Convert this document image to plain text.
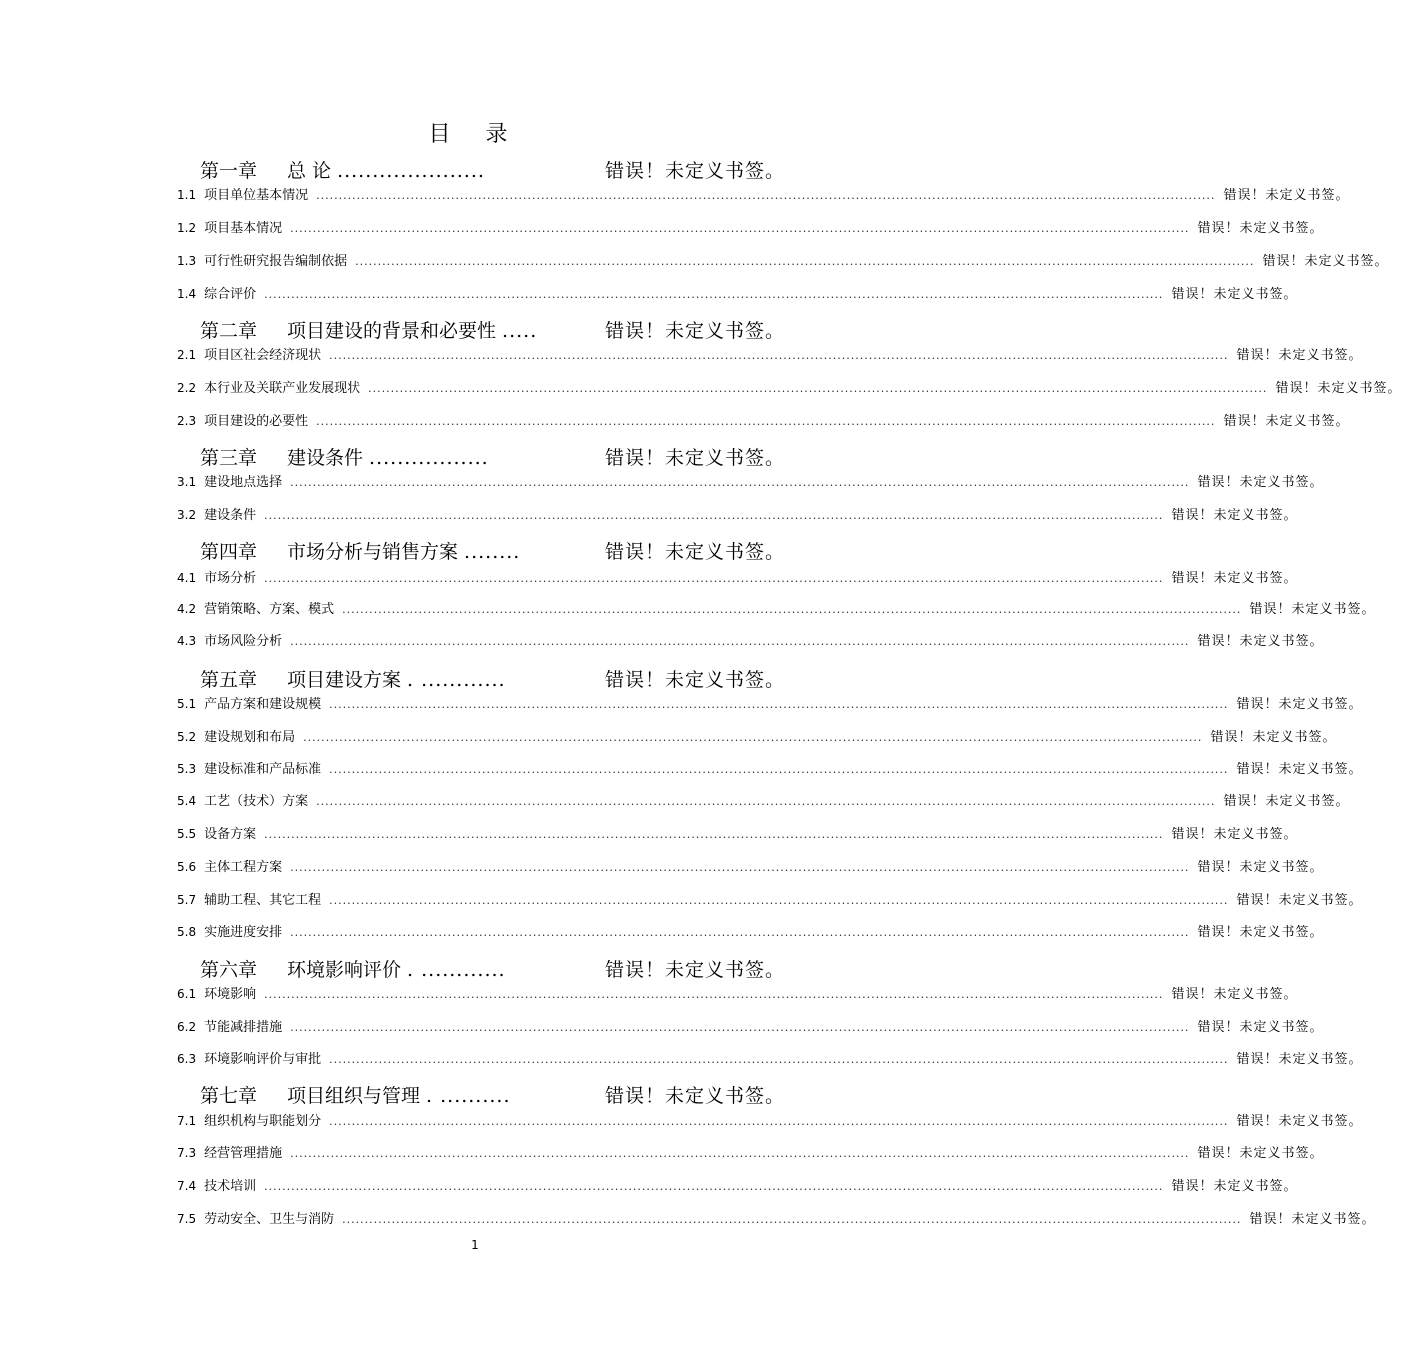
目 录
第一章 总 论 .....................	错误！未定义书签。
1.1 项目单位基本情况 ........................................................................................................................................................................................................ 错误！未定义书签。
1.2 项目基本情况 ........................................................................................................................................................................................................ 错误！未定义书签。
1.3 可行性研究报告编制依据 ........................................................................................................................................................................................................ 错误！未定义书签。
1.4 综合评价 ........................................................................................................................................................................................................ 错误！未定义书签。
第二章 项目建设的背景和必要性 .....	错误！未定义书签。
2.1 项目区社会经济现状 ........................................................................................................................................................................................................ 错误！未定义书签。
2.2 本行业及关联产业发展现状 ........................................................................................................................................................................................................ 错误！未定义书签。
2.3 项目建设的必要性 ........................................................................................................................................................................................................ 错误！未定义书签。
第三章 建设条件 .................	错误！未定义书签。
3.1 建设地点选择 ........................................................................................................................................................................................................ 错误！未定义书签。
3.2 建设条件 ........................................................................................................................................................................................................ 错误！未定义书签。
第四章 市场分析与销售方案 ........	错误！未定义书签。
4.1 市场分析 ........................................................................................................................................................................................................ 错误！未定义书签。
4.2 营销策略、方案、模式 ........................................................................................................................................................................................................ 错误！未定义书签。
4.3 市场风险分析 ........................................................................................................................................................................................................ 错误！未定义书签。
第五章 项目建设方案 . ............	错误！未定义书签。
5.1 产品方案和建设规模 ........................................................................................................................................................................................................ 错误！未定义书签。
5.2 建设规划和布局 ........................................................................................................................................................................................................ 错误！未定义书签。
5.3 建设标准和产品标准 ........................................................................................................................................................................................................ 错误！未定义书签。
5.4 工艺（技术）方案 ........................................................................................................................................................................................................ 错误！未定义书签。
5.5 设备方案 ........................................................................................................................................................................................................ 错误！未定义书签。
5.6 主体工程方案 ........................................................................................................................................................................................................ 错误！未定义书签。
5.7 辅助工程、其它工程 ........................................................................................................................................................................................................ 错误！未定义书签。
5.8 实施进度安排 ........................................................................................................................................................................................................ 错误！未定义书签。
第六章 环境影响评价 . ............	错误！未定义书签。
6.1 环境影响 ........................................................................................................................................................................................................ 错误！未定义书签。
6.2 节能减排措施 ........................................................................................................................................................................................................ 错误！未定义书签。
6.3 环境影响评价与审批 ........................................................................................................................................................................................................ 错误！未定义书签。
第七章 项目组织与管理 . ..........	错误！未定义书签。
7.1 组织机构与职能划分 ........................................................................................................................................................................................................ 错误！未定义书签。
7.3 经营管理措施 ........................................................................................................................................................................................................ 错误！未定义书签。
7.4 技术培训 ........................................................................................................................................................................................................ 错误！未定义书签。
7.5 劳动安全、卫生与消防 ........................................................................................................................................................................................................ 错误！未定义书签。
1
